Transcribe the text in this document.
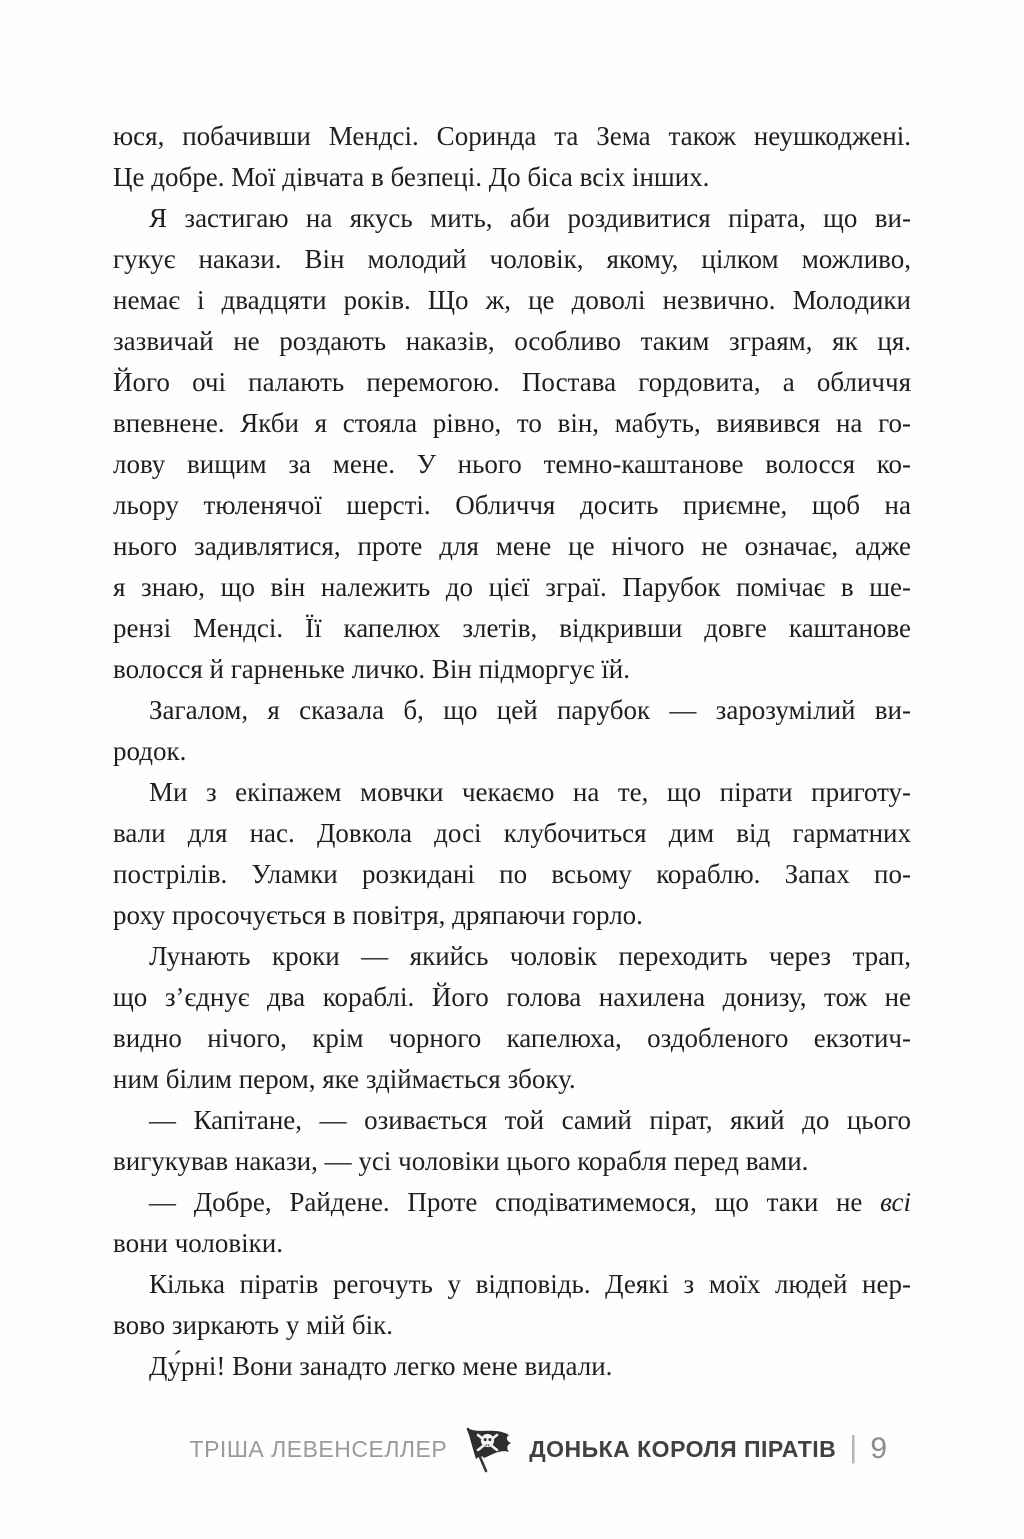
юся, побачивши Мендсі. Соринда та Зема також неушкоджені.
Це добре. Мої дівчата в безпеці. До біса всіх інших.
Я застигаю на якусь мить, аби роздивитися пірата, що ви-
гукує накази. Він молодий чоловік, якому, цілком можливо,
немає і двадцяти років. Що ж, це доволі незвично. Молодики
зазвичай не роздають наказів, особливо таким зграям, як ця.
Його очі палають перемогою. Постава гордовита, а обличчя
впевнене. Якби я стояла рівно, то він, мабуть, виявився на го-
лову вищим за мене. У нього темно-каштанове волосся ко-
льору тюленячої шерсті. Обличчя досить приємне, щоб на
нього задивлятися, проте для мене це нічого не означає, адже
я знаю, що він належить до цієї зграї. Парубок помічає в ше-
рензі Мендсі. Її капелюх злетів, відкривши довге каштанове
волосся й гарненьке личко. Він підморгує їй.
Загалом, я сказала б, що цей парубок — зарозумілий ви-
родок.
Ми з екіпажем мовчки чекаємо на те, що пірати приготу-
вали для нас. Довкола досі клубочиться дим від гарматних
пострілів. Уламки розкидані по всьому кораблю. Запах по-
роху просочується в повітря, дряпаючи горло.
Лунають кроки — якийсь чоловік переходить через трап,
що з’єднує два кораблі. Його голова нахилена донизу, тож не
видно нічого, крім чорного капелюха, оздобленого екзотич-
ним білим пером, яке здіймається збоку.
— Капітане, — озивається той самий пірат, який до цього
вигукував накази, — усі чоловіки цього корабля перед вами.
— Добре, Райдене. Проте сподіватимемося, що таки не всі
вони чоловіки.
Кілька піратів регочуть у відповідь. Деякі з моїх людей нер-
вово зиркають у мій бік.
Ду́рні! Вони занадто легко мене видали.
ТРІША ЛЕВЕНСЕЛЛЕР	ДОНЬКА КОРОЛЯ ПІРАТІВ | 9
